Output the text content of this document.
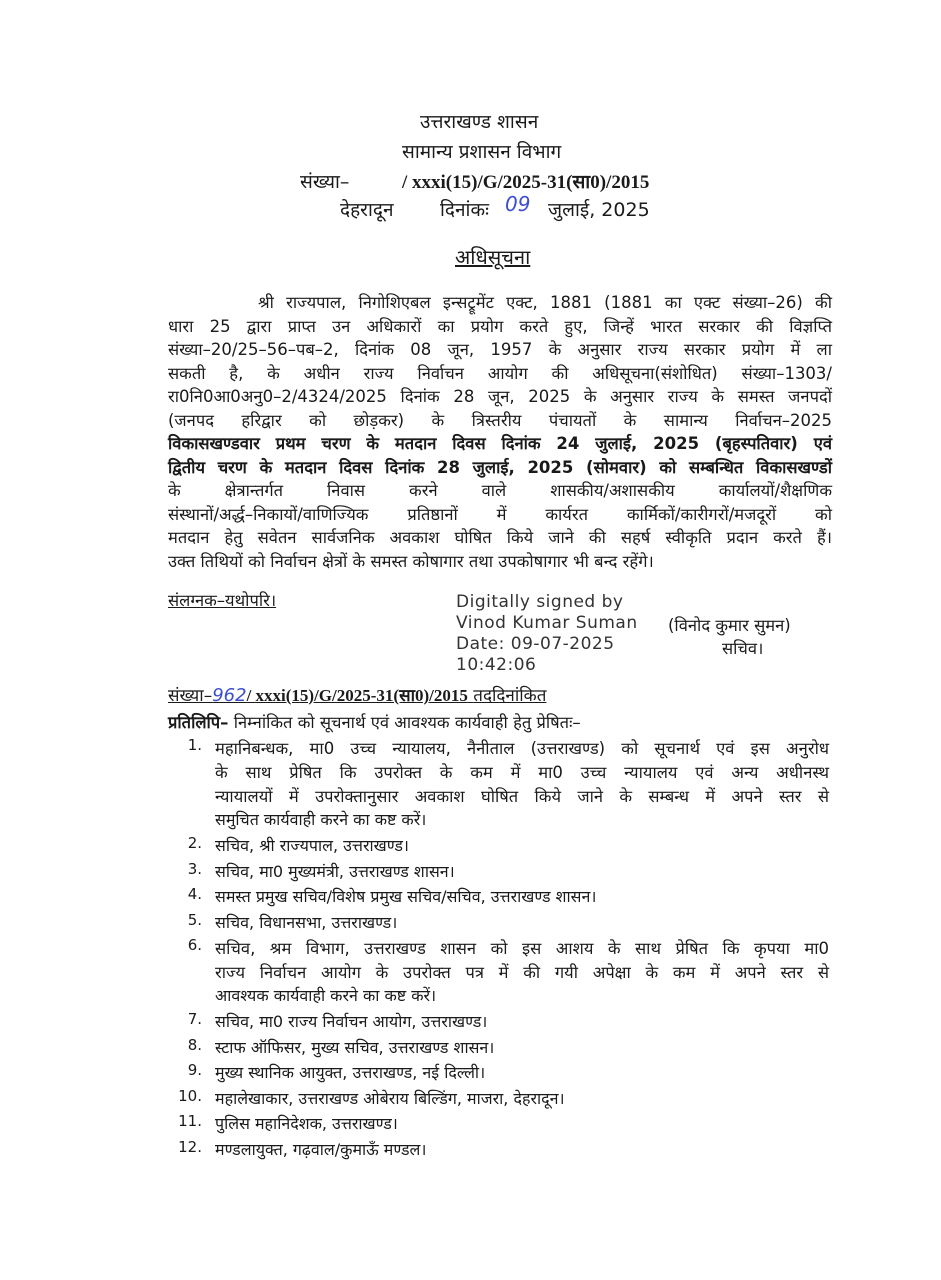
उत्तराखण्ड शासन
सामान्य प्रशासन विभाग
संख्या–	/ xxxi(15)/G/2025-31(सा0)/2015
देहरादून दिनांकः 09 जुलाई, 2025
अधिसूचना
श्री राज्यपाल, निगोशिएबल इन्सट्रूमेंट एक्ट, 1881 (1881 का एक्ट संख्या–26) की
धारा 25 द्वारा प्राप्त उन अधिकारों का प्रयोग करते हुए, जिन्हें भारत सरकार की विज्ञप्ति
संख्या–20/25–56–पब–2, दिनांक 08 जून, 1957 के अनुसार राज्य सरकार प्रयोग में ला
सकती है, के अधीन राज्य निर्वाचन आयोग की अधिसूचना(संशोधित) संख्या–1303/
रा0नि0आ0अनु0–2/4324/2025 दिनांक 28 जून, 2025 के अनुसार राज्य के समस्त जनपदों
(जनपद हरिद्वार को छोड़कर) के त्रिस्तरीय पंचायतों के सामान्य निर्वाचन–2025
विकासखण्डवार प्रथम चरण के मतदान दिवस दिनांक 24 जुलाई, 2025 (बृहस्पतिवार) एवं
द्वितीय चरण के मतदान दिवस दिनांक 28 जुलाई, 2025 (सोमवार) को सम्बन्धित विकासखण्डों
के क्षेत्रान्तर्गत निवास करने वाले शासकीय/अशासकीय कार्यालयों/शैक्षणिक
संस्थानों/अर्द्ध–निकायों/वाणिज्यिक प्रतिष्ठानों में कार्यरत कार्मिकों/कारीगरों/मजदूरों को
मतदान हेतु सवेतन सार्वजनिक अवकाश घोषित किये जाने की सहर्ष स्वीकृति प्रदान करते हैं।
उक्त तिथियों को निर्वाचन क्षेत्रों के समस्त कोषागार तथा उपकोषागार भी बन्द रहेंगे।
संलग्नक–यथोपरि।	Digitally signed by
Vinod Kumar Suman
Date: 09-07-2025
10:42:06
(विनोद कुमार सुमन)
सचिव।
संख्या–962/ xxxi(15)/G/2025-31(सा0)/2015 तददिनांकित
प्रतिलिपि– निम्नांकित को सूचनार्थ एवं आवश्यक कार्यवाही हेतु प्रेषितः–
1. महानिबन्धक, मा0 उच्च न्यायालय, नैनीताल (उत्तराखण्ड) को सूचनार्थ एवं इस अनुरोध
के साथ प्रेषित कि उपरोक्त के कम में मा0 उच्च न्यायालय एवं अन्य अधीनस्थ
न्यायालयों में उपरोक्तानुसार अवकाश घोषित किये जाने के सम्बन्ध में अपने स्तर से
समुचित कार्यवाही करने का कष्ट करें।
2. सचिव, श्री राज्यपाल, उत्तराखण्ड।
3. सचिव, मा0 मुख्यमंत्री, उत्तराखण्ड शासन।
4. समस्त प्रमुख सचिव/विशेष प्रमुख सचिव/सचिव, उत्तराखण्ड शासन।
5. सचिव, विधानसभा, उत्तराखण्ड।
6. सचिव, श्रम विभाग, उत्तराखण्ड शासन को इस आशय के साथ प्रेषित कि कृपया मा0
राज्य निर्वाचन आयोग के उपरोक्त पत्र में की गयी अपेक्षा के कम में अपने स्तर से
आवश्यक कार्यवाही करने का कष्ट करें।
7. सचिव, मा0 राज्य निर्वाचन आयोग, उत्तराखण्ड।
8. स्टाफ ऑफिसर, मुख्य सचिव, उत्तराखण्ड शासन।
9. मुख्य स्थानिक आयुक्त, उत्तराखण्ड, नई दिल्ली।
10. महालेखाकार, उत्तराखण्ड ओबेराय बिल्डिंग, माजरा, देहरादून।
11. पुलिस महानिदेशक, उत्तराखण्ड।
12. मण्डलायुक्त, गढ़वाल/कुमाऊँ मण्डल।
